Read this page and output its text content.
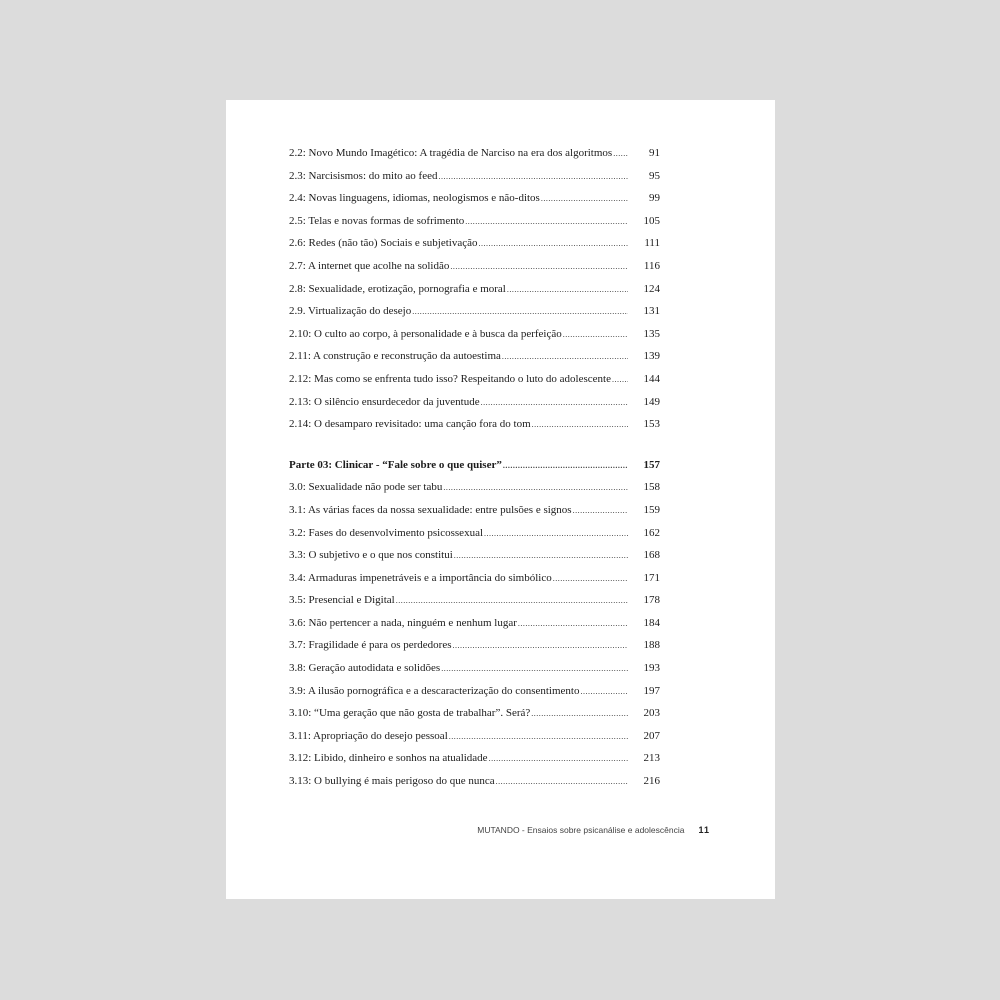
2.2: Novo Mundo Imagético: A tragédia de Narciso na era dos algoritmos .....	91
2.3: Narcisismos: do mito ao feed .....	95
2.4: Novas linguagens, idiomas, neologismos e não-ditos .....	99
2.5: Telas e novas formas de sofrimento .....	105
2.6: Redes (não tão) Sociais e subjetivação .....	111
2.7: A internet que acolhe na solidão .....	116
2.8: Sexualidade, erotização, pornografia e moral .....	124
2.9. Virtualização do desejo .....	131
2.10: O culto ao corpo, à personalidade e à busca da perfeição .....	135
2.11: A construção e reconstrução da autoestima .....	139
2.12: Mas como se enfrenta tudo isso? Respeitando o luto do adolescente .....	144
2.13: O silêncio ensurdecedor da juventude .....	149
2.14: O desamparo revisitado: uma canção fora do tom .....	153
Parte 03: Clinicar - “Fale sobre o que quiser” .....	157
3.0: Sexualidade não pode ser tabu .....	158
3.1: As várias faces da nossa sexualidade: entre pulsões e signos .....	159
3.2: Fases do desenvolvimento psicossexual .....	162
3.3: O subjetivo e o que nos constitui .....	168
3.4: Armaduras impenetráveis e a importância do simbólico .....	171
3.5: Presencial e Digital .....	178
3.6: Não pertencer a nada, ninguém e nenhum lugar .....	184
3.7: Fragilidade é para os perdedores .....	188
3.8: Geração autodidata e solidões .....	193
3.9: A ilusão pornográfica e a descaracterização do consentimento .....	197
3.10: “Uma geração que não gosta de trabalhar”. Será? .....	203
3.11: Apropriação do desejo pessoal .....	207
3.12: Libido, dinheiro e sonhos na atualidade .....	213
3.13: O bullying é mais perigoso do que nunca .....	216
MUTANDO - Ensaios sobre psicanálise e adolescência 11
